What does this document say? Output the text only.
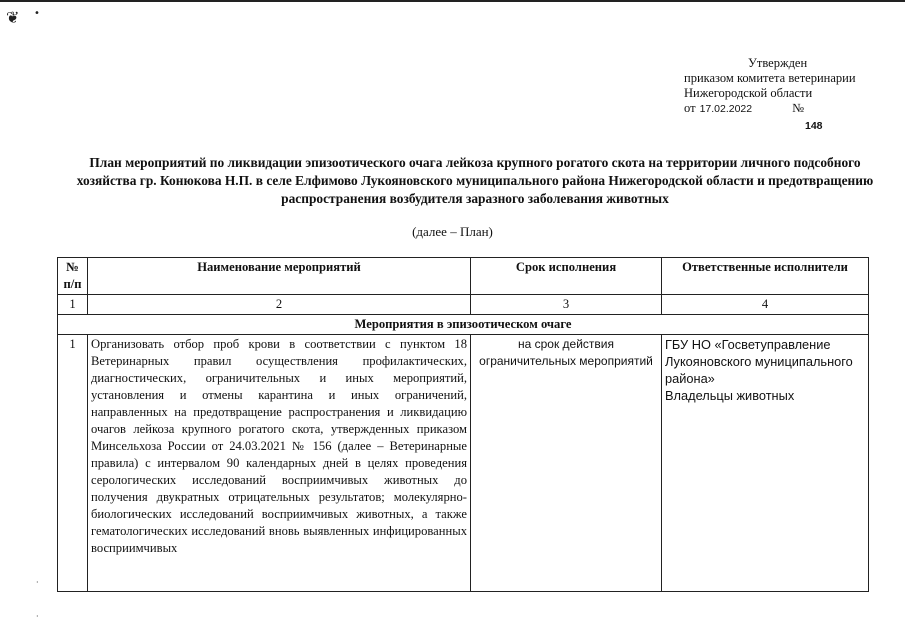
❦ •
·
·
Утвержден
приказом комитета ветеринарии
Нижегородской области
от 17.02.2022	№
148
План мероприятий по ликвидации эпизоотического очага лейкоза крупного рогатого скота на территории личного подсобного хозяйства гр. Конюкова Н.П. в селе Елфимово Лукояновского муниципального района Нижегородской области и предотвращению распространения возбудителя заразного заболевания животных
(далее – План)
№ п/п	Наименование мероприятий	Срок исполнения	Ответственные исполнители
1	2	3	4
Мероприятия в эпизоотическом очаге			
1	Организовать отбор проб крови в соответствии с пунктом 18 Ветеринарных правил осуществления профилактических, диагностических, ограничительных и иных мероприятий, установления и отмены карантина и иных ограничений, направленных на предотвращение распространения и ликвидацию очагов лейкоза крупного рогатого скота, утвержденных приказом Минсельхоза России от 24.03.2021 № 156 (далее – Ветеринарные правила) с интервалом 90 календарных дней в целях проведения серологических исследований восприимчивых животных до получения двукратных отрицательных результатов; молекулярно-биологических исследований восприимчивых животных, а также гематологических исследований вновь выявленных инфицированных восприимчивых	на срок действия ограничительных мероприятий	ГБУ НО «Госветуправление Лукояновского муниципального района»
Владельцы животных
